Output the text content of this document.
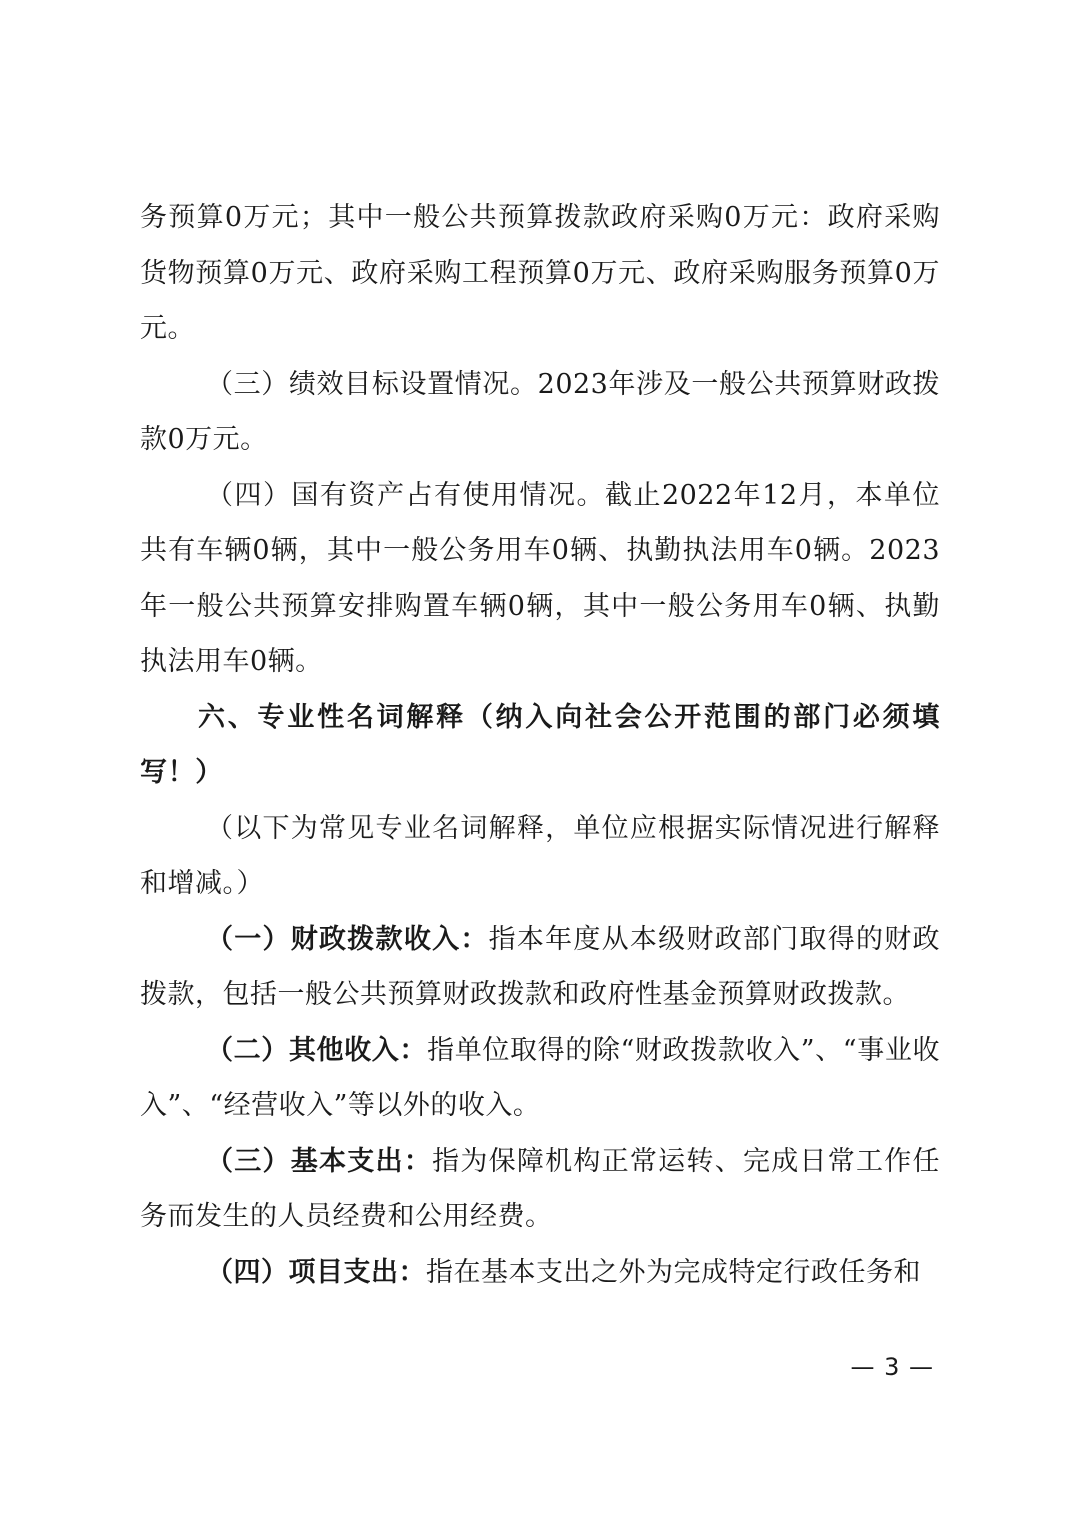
务预算0万元；其中一般公共预算拨款政府采购0万元：政府采购货物预算0万元、政府采购工程预算0万元、政府采购服务预算0万元。

（三）绩效目标设置情况。2023年涉及一般公共预算财政拨款0万元。

（四）国有资产占有使用情况。截止2022年12月，本单位共有车辆0辆，其中一般公务用车0辆、执勤执法用车0辆。2023年一般公共预算安排购置车辆0辆，其中一般公务用车0辆、执勤执法用车0辆。

六、专业性名词解释（纳入向社会公开范围的部门必须填写！）

（以下为常见专业名词解释，单位应根据实际情况进行解释和增减。）

（一）财政拨款收入：指本年度从本级财政部门取得的财政拨款，包括一般公共预算财政拨款和政府性基金预算财政拨款。

（二）其他收入：指单位取得的除“财政拨款收入”、“事业收入”、“经营收入”等以外的收入。

（三）基本支出：指为保障机构正常运转、完成日常工作任务而发生的人员经费和公用经费。

（四）项目支出：指在基本支出之外为完成特定行政任务和

— 3 —
